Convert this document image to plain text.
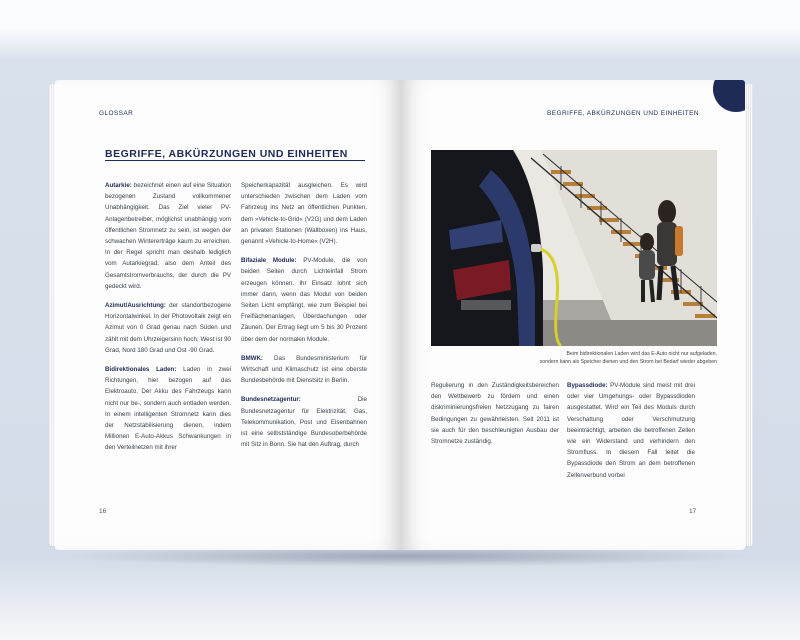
GLOSSAR
BEGRIFFE, ABKÜRZUNGEN UND EINHEITEN

Autarkie: bezeichnet einen auf eine Situation bezogenen Zustand vollkommener Unabhängigkeit. Das Ziel vieler PV-Anlagenbetreiber, möglichst unabhängig vom öffentlichen Stromnetz zu sein, ist wegen der schwachen Wintererträge kaum zu erreichen. In der Regel spricht man deshalb lediglich vom Autarkiegrad, also dem Anteil des Gesamtstromverbrauchs, der durch die PV gedeckt wird.

Azimut/Ausrichtung: der standortbezogene Horizontalwinkel. In der Photovoltaik zeigt ein Azimut von 0 Grad genau nach Süden und zählt mit dem Uhrzeigersinn hoch: West ist 90 Grad, Nord 180 Grad und Ost -90 Grad.

Bidirektionales Laden: Laden in zwei Richtungen, hier bezogen auf das Elektroauto. Der Akku des Fahrzeugs kann nicht nur be-, sondern auch entladen werden. In einem intelligenten Stromnetz kann dies der Netzstabilisierung dienen, indem Millionen E-Auto-Akkus Schwankungen in den Verteilnetzen mit ihrer

Speicherkapazität ausgleichen. Es wird unterschieden zwischen dem Laden vom Fahrzeug ins Netz an öffentlichen Punkten, dem »Vehicle-to-Grid« (V2G) und dem Laden an privaten Stationen (Wallboxen) ins Haus, genannt »Vehicle-to-Home« (V2H).

Bifaziale Module: PV-Module, die von beiden Seiten durch Lichteinfall Strom erzeugen können. Ihr Einsatz lohnt sich immer dann, wenn das Modul von beiden Seiten Licht empfängt, wie zum Beispiel bei Freiflächenanlagen, Überdachungen oder Zäunen. Der Ertrag liegt um 5 bis 30 Prozent über dem der normalen Module.

BMWK: Das Bundesministerium für Wirtschaft und Klimaschutz ist eine oberste Bundesbehörde mit Dienstsitz in Berlin.

Bundesnetzagentur: Die Bundesnetzagentur für Elektrizität, Gas, Telekommunikation, Post und Eisenbahnen ist eine selbstständige Bundesoberbehörde mit Sitz in Bonn. Sie hat den Auftrag, durch

16
BEGRIFFE, ABKÜRZUNGEN UND EINHEITEN
Beim bidirektionalen Laden wird das E-Auto nicht nur aufgeladen,
sondern kann als Speicher dienen und den Strom bei Bedarf wieder abgeben

Regulierung in den Zuständigkeitsbereichen den Wettbewerb zu fördern und einen diskriminierungsfreien Netzzugang zu fairen Bedingungen zu gewährleisten. Seit 2011 ist sie auch für den beschleunigten Ausbau der Stromnetze zuständig.

Bypassdiode: PV-Module sind meist mit drei oder vier Umgehungs- oder Bypassdioden ausgestattet. Wird ein Teil des Moduls durch Verschattung oder Verschmutzung beeinträchtigt, arbeiten die betroffenen Zellen wie ein Widerstand und verhindern den Stromfluss. In diesem Fall leitet die Bypassdiode den Strom an dem betroffenen Zellenverbund vorbei

17
